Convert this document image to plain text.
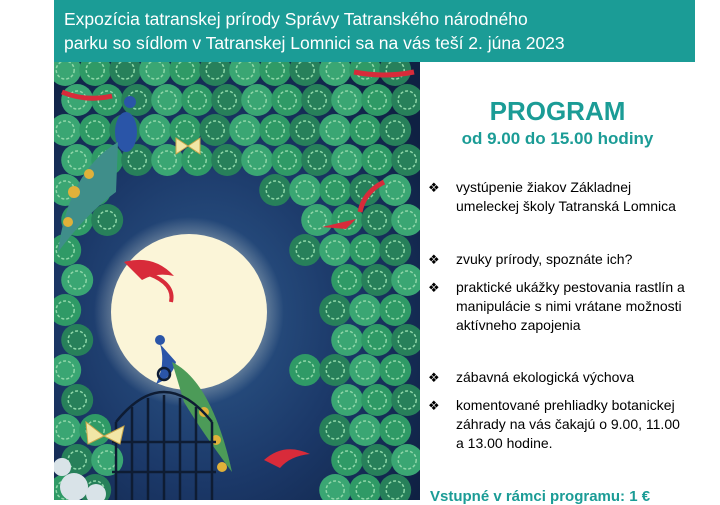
Expozícia tatranskej prírody Správy Tatranského národného
parku so sídlom v Tatranskej Lomnici sa na vás teší 2. júna 2023
PROGRAM
od 9.00 do 15.00 hodiny
❖ vystúpenie žiakov Základnej umeleckej školy Tatranská Lomnica
❖ zvuky prírody, spoznáte ich?
❖ praktické ukážky pestovania rastlín a manipulácie s nimi vrátane možnosti aktívneho zapojenia
❖ zábavná ekologická výchova
❖ komentované prehliadky botanickej záhrady na vás čakajú o 9.00, 11.00 a 13.00 hodine.
Vstupné v rámci programu: 1 €
